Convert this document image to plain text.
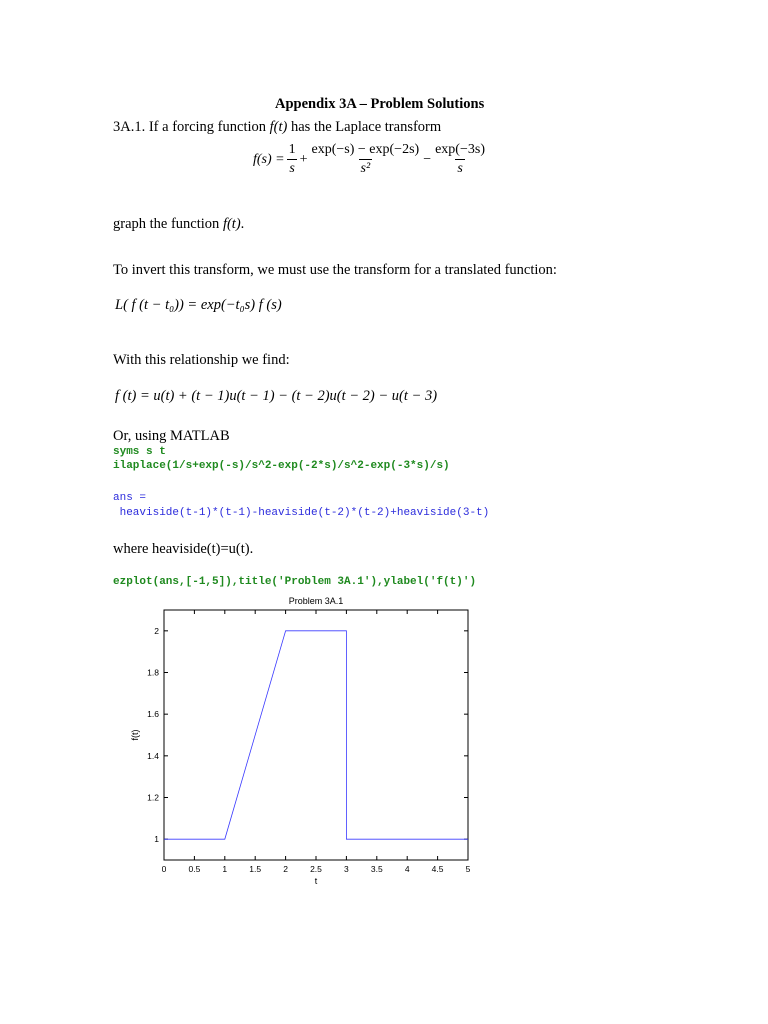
Appendix 3A – Problem Solutions
3A.1. If a forcing function f(t) has the Laplace transform
$f(s) = \frac{1}{s} + \frac{\exp(-s) - \exp(-2s)}{\text{s²}} - \frac{\exp(-3s)}{s}$
graph the function f(t).
To invert this transform, we must use the transform for a translated function:
L( f (t − t₀)) = exp(−t₀s) f (s)
With this relationship we find:
f (t) = u(t) + (t − 1)u(t − 1) − (t − 2)u(t − 2) − u(t − 3)
Or, using MATLAB
syms s t
ilaplace(1/s+exp(-s)/s^2-exp(-2*s)/s^2-exp(-3*s)/s)
ans =
heaviside(t-1)*(t-1)-heaviside(t-2)*(t-2)+heaviside(3-t)
where heaviside(t)=u(t).
ezplot(ans,[-1,5]),title('Problem 3A.1'),ylabel('f(t)')
Problem 3A.1
0	0.5	1	1.5	2	2.5	3	3.5	4	4.5	5
1
1.2
1.4
1.6
1.8
2
t
f(t)
